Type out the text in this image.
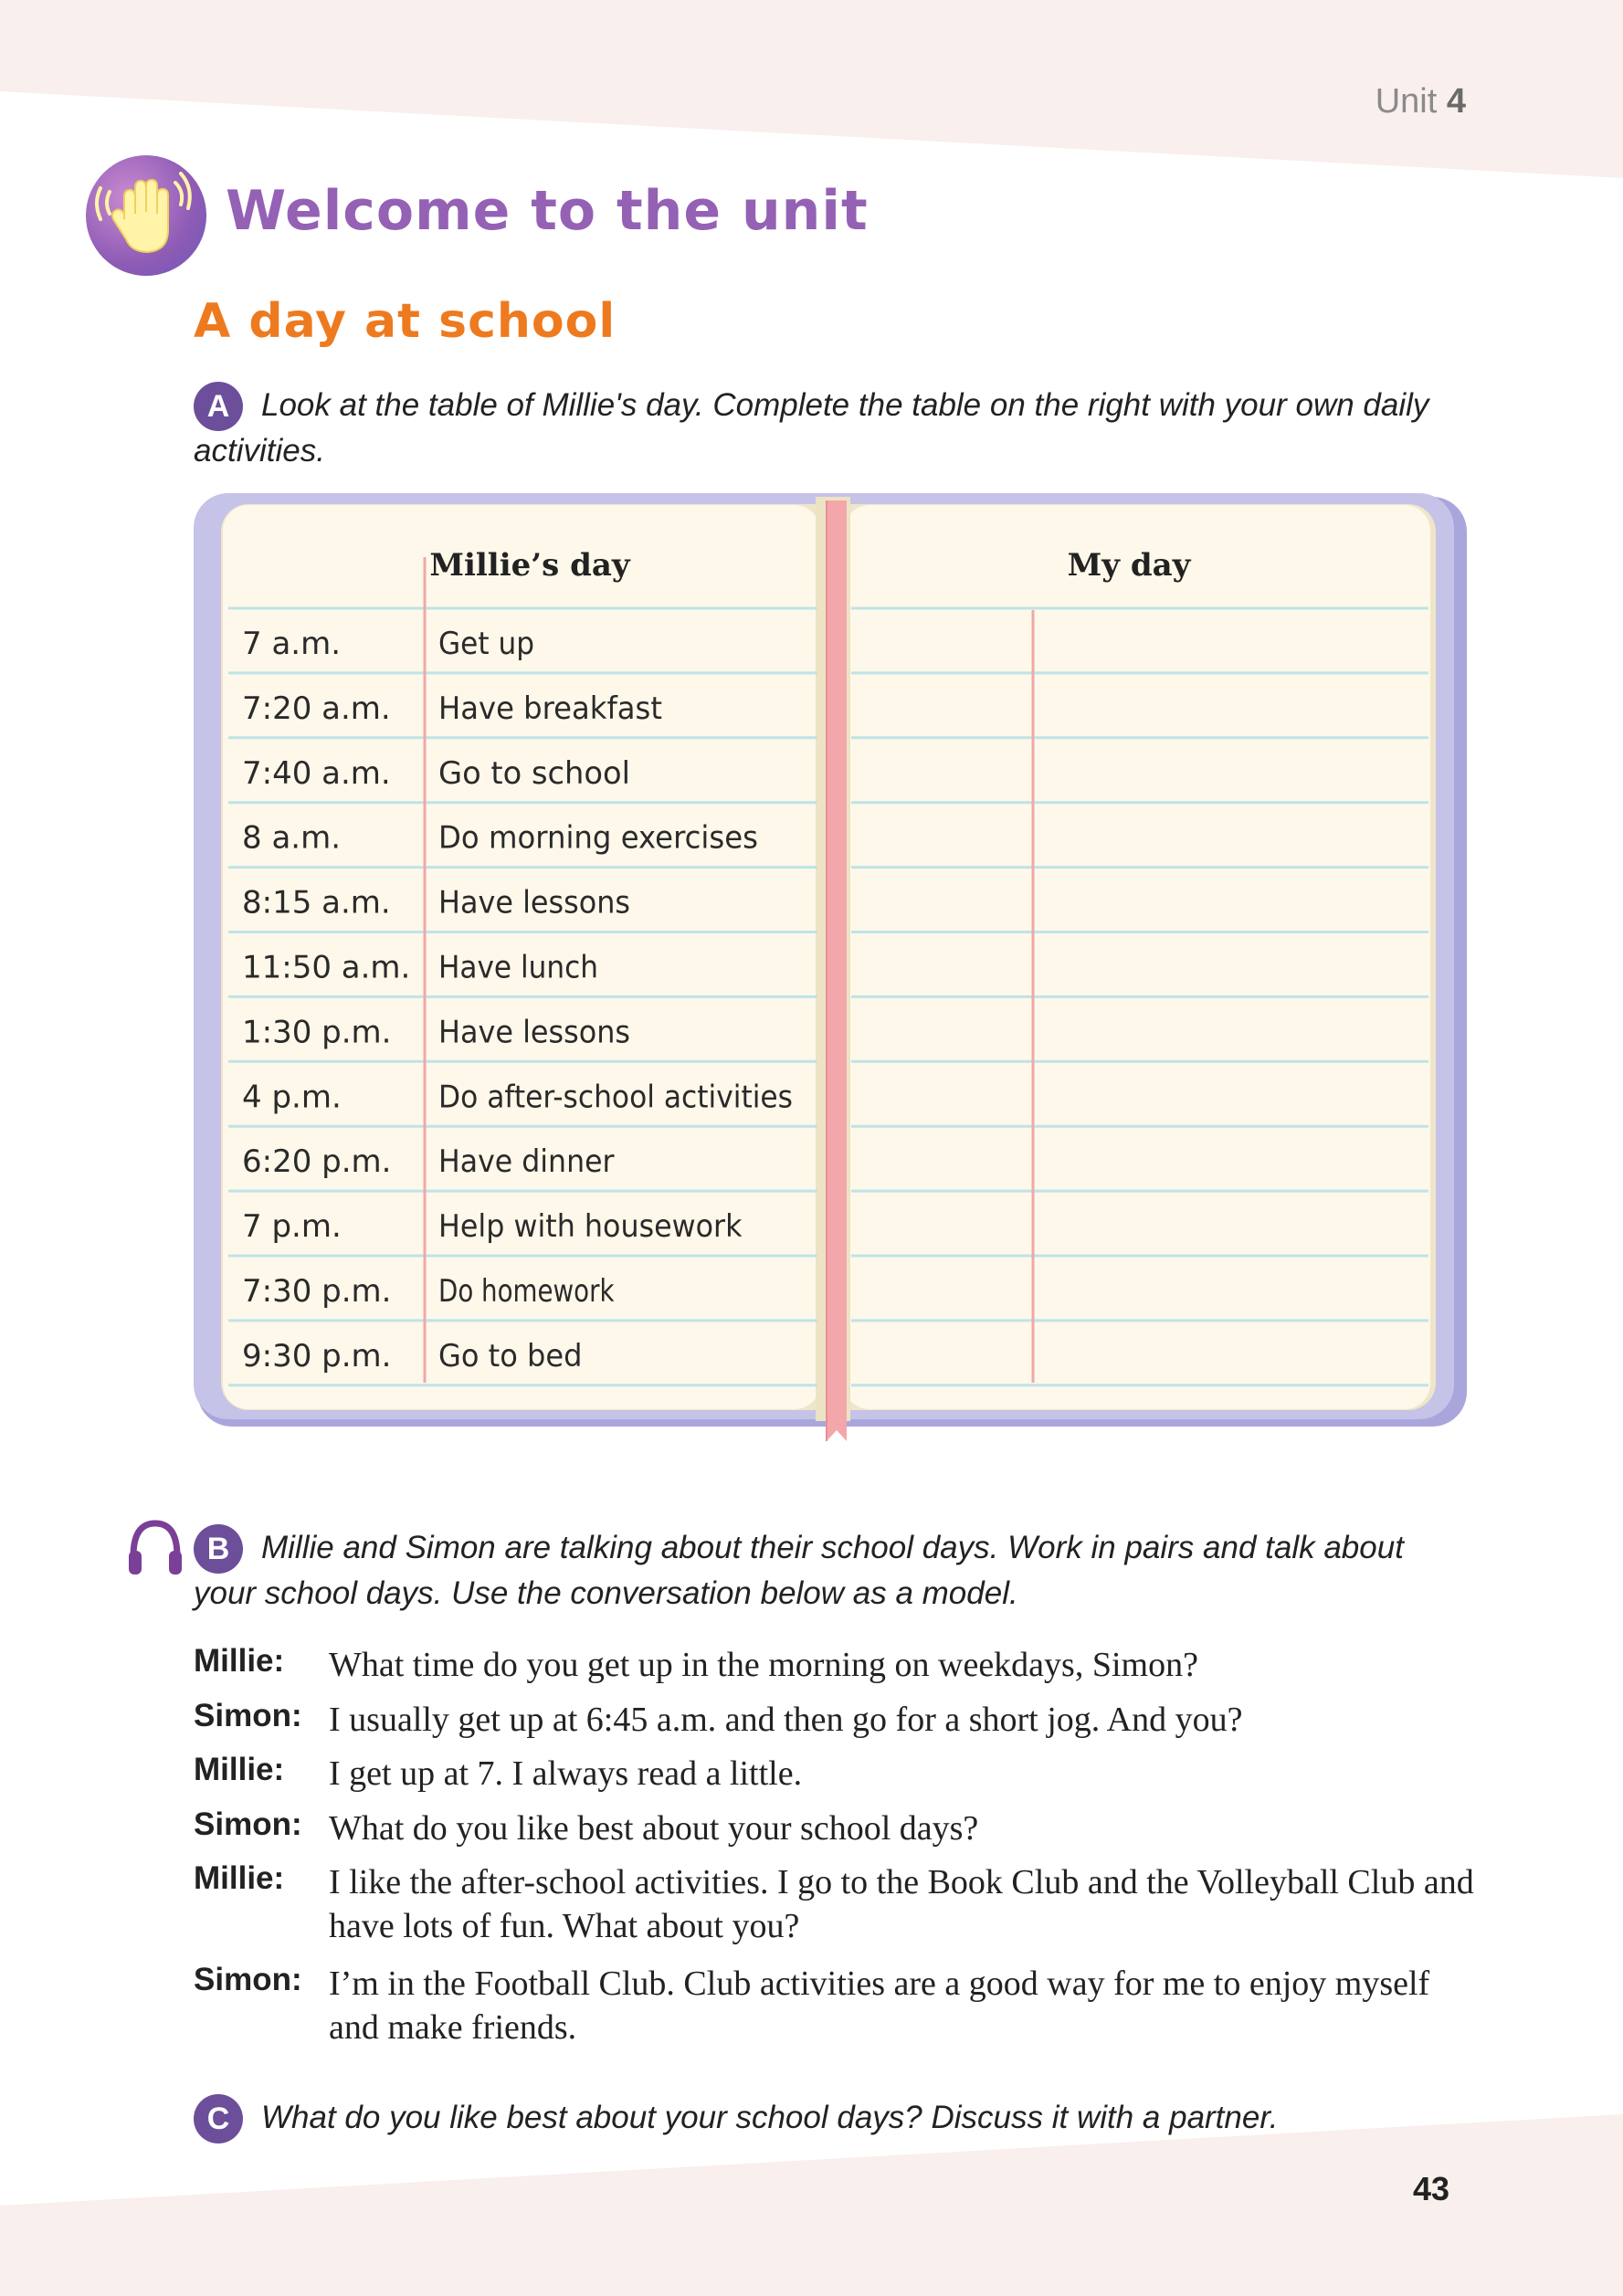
Unit 4
Welcome to the unit
A day at school
A Look at the table of Millie's day. Complete the table on the right with your own daily
activities.
Millie’s day	My day
7 a.m.	Get up
7:20 a.m. Have breakfast
7:40 a.m. Go to school
8 a.m.	Do morning exercises
8:15 a.m. Have lessons
11:50 a.m. Have lunch
1:30 p.m. Have lessons
4 p.m.	Do after-school activities
6:20 p.m. Have dinner
7 p.m.	Help with housework
7:30 p.m. Do homework
9:30 p.m. Go to bed
B Millie and Simon are talking about their school days. Work in pairs and talk about
your school days. Use the conversation below as a model.
Millie: What time do you get up in the morning on weekdays, Simon?
Simon: I usually get up at 6:45 a.m. and then go for a short jog. And you?
Millie: I get up at 7. I always read a little.
Simon: What do you like best about your school days?
Millie: I like the after-school activities. I go to the Book Club and the Volleyball Club and have lots of fun. What about you?
Simon: I’m in the Football Club. Club activities are a good way for me to enjoy myself and make friends.
C What do you like best about your school days? Discuss it with a partner.
43
